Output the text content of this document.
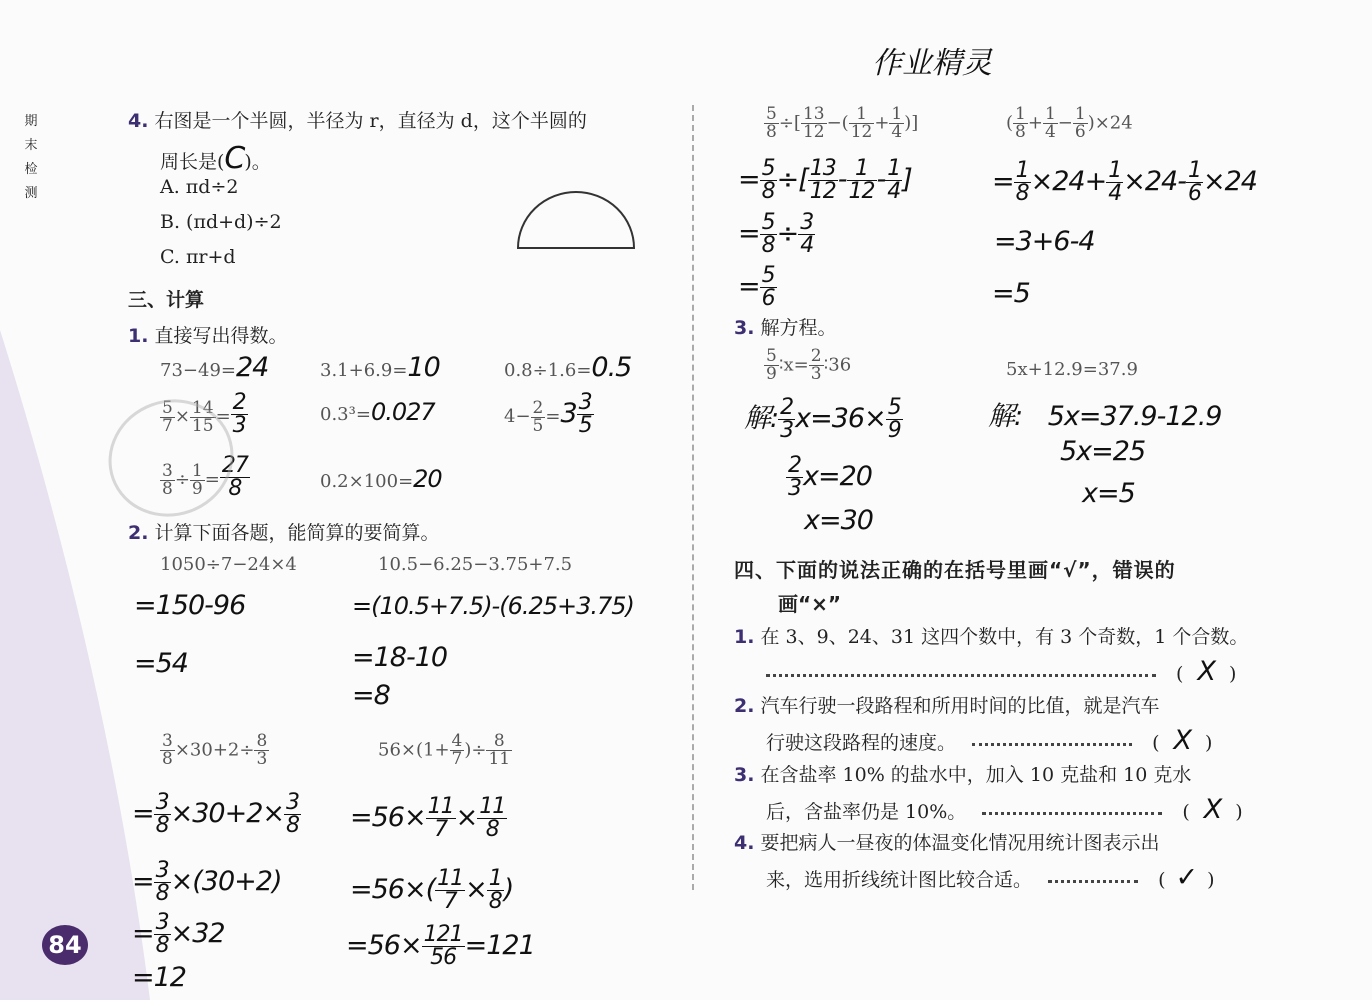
期
末
检
测
作业精灵
84
4. 右图是一个半圆，半径为 r，直径为 d，这个半圆的
周长是(C)。
A. πd÷2
B. (πd+d)÷2
C. πr+d
三、计算
1. 直接写出得数。
73−49=24	3.1+6.9=10	0.8÷1.6=0.5
$\frac{5}{7} \times \frac{14}{15} = \frac{2}{3}$	0.3³=0.027	$4- \frac{2}{5} =3 \frac{3}{5}$
$\frac{3}{8} \div \frac{1}{9} = \frac{27}{8}$	0.2×100=20
2. 计算下面各题，能简算的要简算。
1050÷7−24×4
=150-96
=54
10.5−6.25−3.75+7.5
=(10.5+7.5)-(6.25+3.75)
=18-10
=8
$\frac{3}{8} \times 30+2\div \frac{8}{3}$
= $\frac{3}{8} \times 30+2\times \frac{3}{8}$
= $\frac{3}{8} \times(30+2)$
= $\frac{3}{8} \times 32$
=12
$56\times(1+ \frac{4}{7}$ )÷ $\frac{8}{11}$
$=56\times \frac{11}{7} \times \frac{11}{8}$
$=56\times( \frac{11}{7} \times \frac{1}{8}$ )
$=56\times \frac{121}{56} =121$
$\frac{5}{8}$ ÷[ $\frac{13}{12}$ −( $\frac{1}{12} + \frac{1}{4}$ )]
= $\frac{5}{8}$ ÷[ $\frac{13}{12} - \frac{1}{12} - \frac{1}{4}$ ]
= $\frac{5}{8} \div \frac{3}{4}$
= $\frac{5}{6}$
( $\frac{1}{8} + \frac{1}{4} - \frac{1}{6} )\times 24$
= $\frac{1}{8} \times 24+ \frac{1}{4} \times 24- \frac{1}{6} \times 24$
=3+6-4
=5
3. 解方程。
$\frac{5}{9}$ ∶x= $\frac{2}{3}$ ∶36
解: $\frac{2}{3} x=36\times \frac{5}{9}$
$\frac{2}{3} x=20$
x=30
5x+12.9=37.9
解: 5x=37.9-12.9
5x=25
x=5
四、下面的说法正确的在括号里画“√”，错误的
画“×”
1. 在 3、9、24、31 这四个数中，有 3 个奇数，1 个合数。
( X )
2. 汽车行驶一段路程和所用时间的比值，就是汽车
行驶这段路程的速度。	( X )
3. 在含盐率 10% 的盐水中，加入 10 克盐和 10 克水
后，含盐率仍是 10%。	( X )
4. 要把病人一昼夜的体温变化情况用统计图表示出
来，选用折线统计图比较合适。	( ✓ )
